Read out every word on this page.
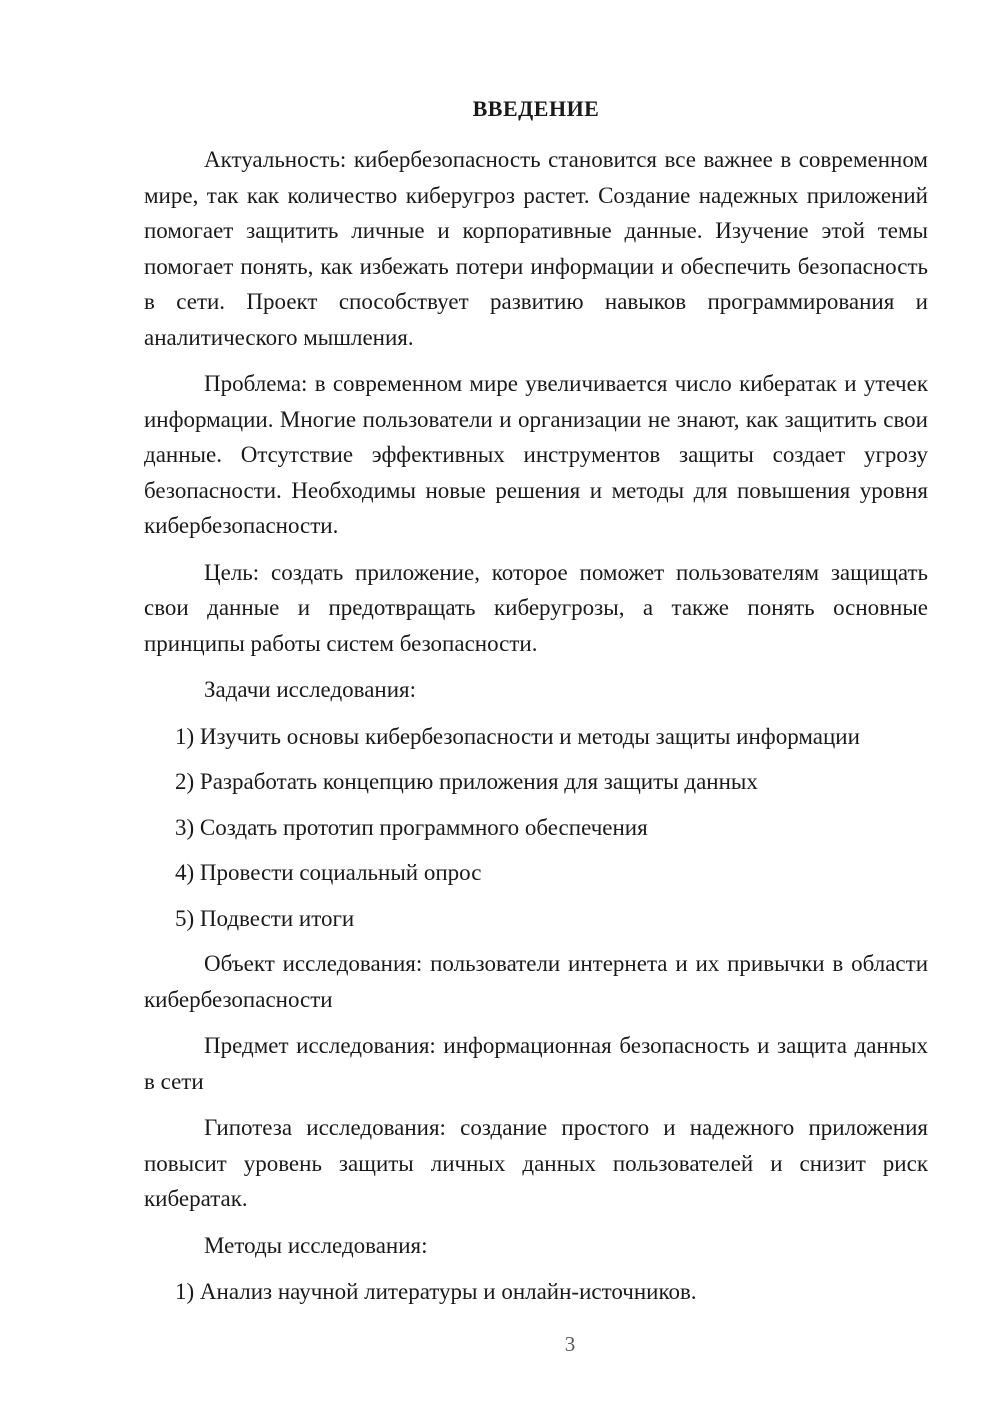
ВВЕДЕНИЕ

Актуальность: кибербезопасность становится все важнее в современном мире, так как количество киберугроз растет. Создание надежных приложений помогает защитить личные и корпоративные данные. Изучение этой темы помогает понять, как избежать потери информации и обеспечить безопасность в сети. Проект способствует развитию навыков программирования и аналитического мышления.

Проблема: в современном мире увеличивается число кибератак и утечек информации. Многие пользователи и организации не знают, как защитить свои данные. Отсутствие эффективных инструментов защиты создает угрозу безопасности. Необходимы новые решения и методы для повышения уровня кибербезопасности.

Цель: создать приложение, которое поможет пользователям защищать свои данные и предотвращать киберугрозы, а также понять основные принципы работы систем безопасности.

Задачи исследования:

1) Изучить основы кибербезопасности и методы защиты информации
2) Разработать концепцию приложения для защиты данных
3) Создать прототип программного обеспечения
4) Провести социальный опрос
5) Подвести итоги

Объект исследования: пользователи интернета и их привычки в области кибербезопасности

Предмет исследования: информационная безопасность и защита данных в сети

Гипотеза исследования: создание простого и надежного приложения повысит уровень защиты личных данных пользователей и снизит риск кибератак.

Методы исследования:

1) Анализ научной литературы и онлайн-источников.
3
